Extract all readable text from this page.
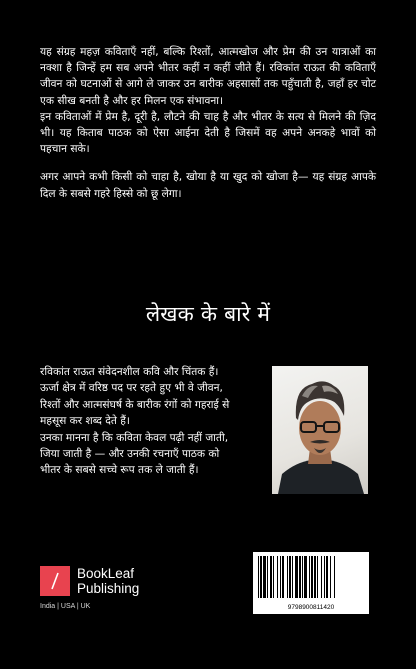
यह संग्रह महज़ कविताएँ नहीं, बल्कि रिश्तों, आत्मखोज और प्रेम की उन यात्राओं का नक्शा है जिन्हें हम सब अपने भीतर कहीं न कहीं जीते हैं। रविकांत राऊत की कविताएँ जीवन को घटनाओं से आगे ले जाकर उन बारीक अहसासों तक पहुँचाती है, जहाँ हर चोट एक सीख बनती है और हर मिलन एक संभावना।

इन कविताओं में प्रेम है, दूरी है, लौटने की चाह है और भीतर के सत्य से मिलने की ज़िद भी। यह किताब पाठक को ऐसा आईना देती है जिसमें वह अपने अनकहे भावों को पहचान सके।

अगर आपने कभी किसी को चाहा है, खोया है या खुद को खोजा है— यह संग्रह आपके दिल के सबसे गहरे हिस्से को छू लेगा।

लेखक के बारे में

रविकांत राऊत संवेदनशील कवि और चिंतक हैं। ऊर्जा क्षेत्र में वरिष्ठ पद पर रहते हुए भी वे जीवन, रिश्तों और आत्मसंघर्ष के बारीक रंगों को गहराई से महसूस कर शब्द देते हैं।

उनका मानना है कि कविता केवल पढ़ी नहीं जाती, जिया जाती है — और उनकी रचनाएँ पाठक को भीतर के सबसे सच्चे रूप तक ले जाती हैं।

BookLeaf
Publishing
India | USA | UK	9798900811420
